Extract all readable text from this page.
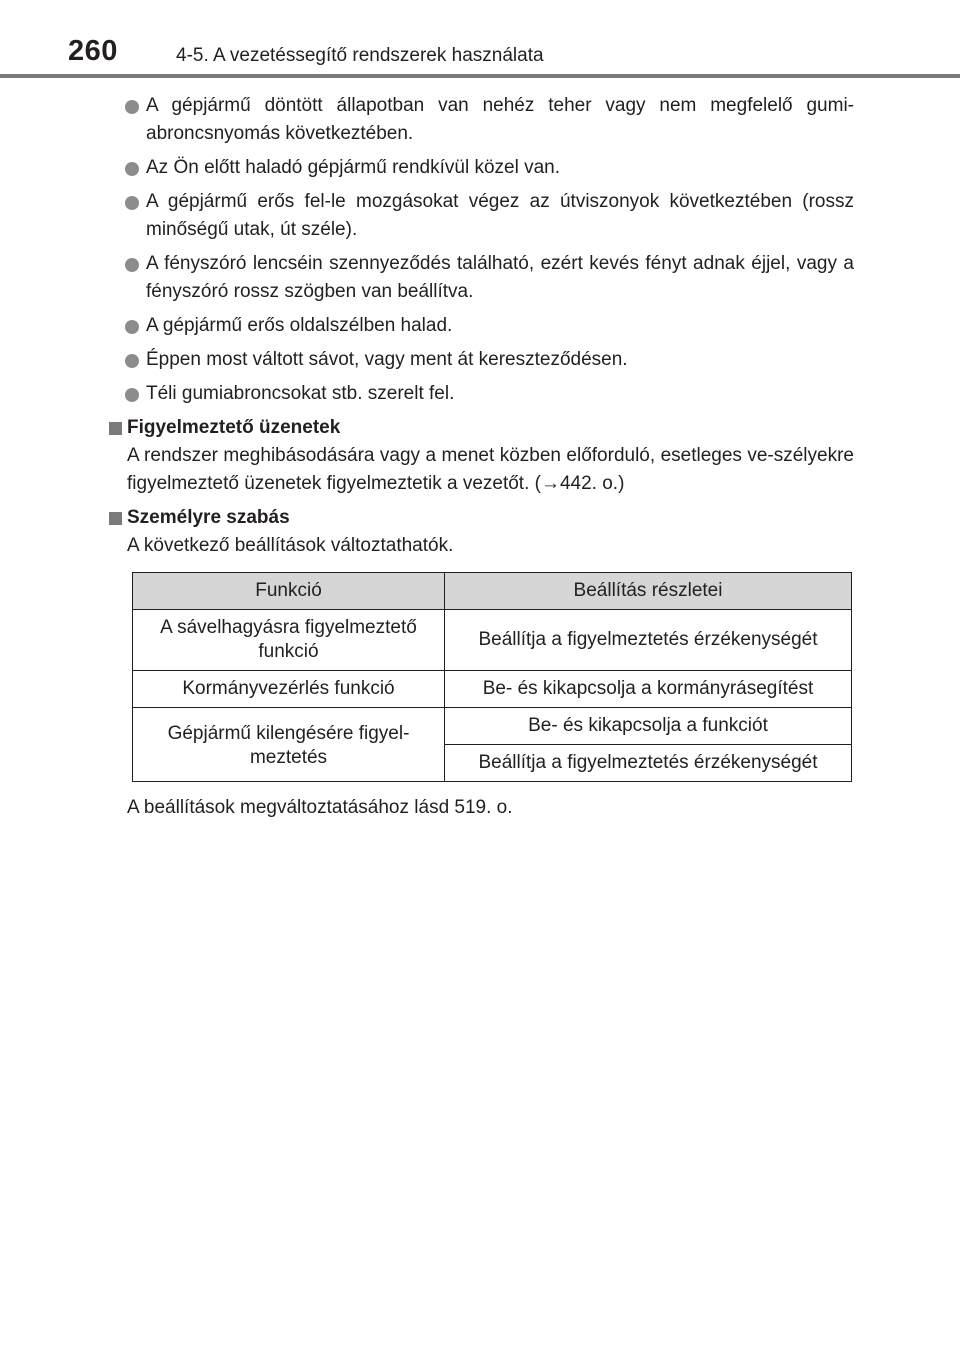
260	4-5. A vezetéssegítő rendszerek használata
A gépjármű döntött állapotban van nehéz teher vagy nem megfelelő gumi-abroncsnyomás következtében.
Az Ön előtt haladó gépjármű rendkívül közel van.
A gépjármű erős fel-le mozgásokat végez az útviszonyok következtében (rossz minőségű utak, út széle).
A fényszóró lencséin szennyeződés található, ezért kevés fényt adnak éjjel, vagy a fényszóró rossz szögben van beállítva.
A gépjármű erős oldalszélben halad.
Éppen most váltott sávot, vagy ment át kereszteződésen.
Téli gumiabroncsokat stb. szerelt fel.
Figyelmeztető üzenetek
A rendszer meghibásodására vagy a menet közben előforduló, esetleges ve-szélyekre figyelmeztető üzenetek figyelmeztetik a vezetőt. (→442. o.)
Személyre szabás
A következő beállítások változtathatók.
Funkció	Beállítás részletei
A sávelhagyásra figyelmeztető funkció	Beállítja a figyelmeztetés érzékenységét
Kormányvezérlés funkció	Be- és kikapcsolja a kormányrásegítést
Gépjármű kilengésére figyel-meztetés	Be- és kikapcsolja a funkciót
	Beállítja a figyelmeztetés érzékenységét
A beállítások megváltoztatásához lásd 519. o.
